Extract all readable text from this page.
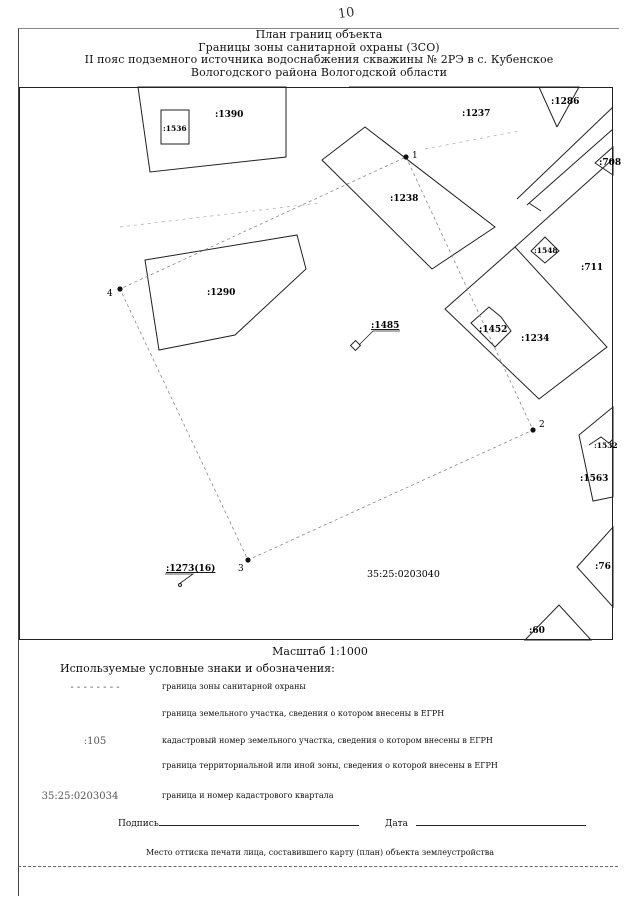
10
План границ объекта
Границы зоны санитарной охраны (ЗСО)
II пояс подземного источника водоснабжения скважины № 2РЭ в с. Кубенское
Вологодского района Вологодской области
:1390
:1536
:1237
:1286
:708
:1238
:1548
:711
:1290
:1485	:1452
:1234
:1532
:1563
:76
:1273(16)
:60
1
2
3
4
35:25:0203040
Масштаб 1:1000
Используемые условные знаки и обозначения:
- - - - - - - -	граница зоны санитарной охраны
граница земельного участка, сведения о котором внесены в ЕГРН
:105	кадастровый номер земельного участка, сведения о котором внесены в ЕГРН
граница территориальной или иной зоны, сведения о которой внесены в ЕГРН
35:25:0203034	граница и номер кадастрового квартала
Подпись	Дата
Место оттиска печати лица, составившего карту (план) объекта землеустройства
